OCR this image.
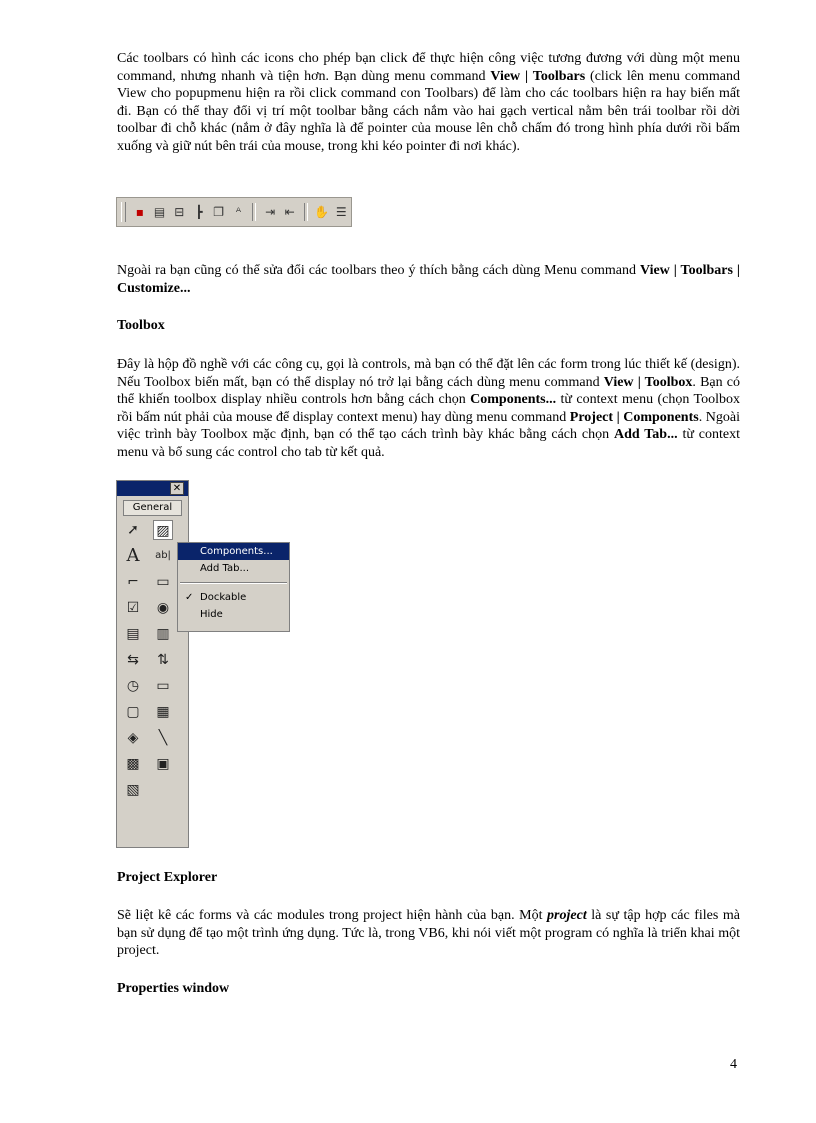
Các toolbars có hình các icons cho phép bạn click để thực hiện công việc tương đương với dùng một menu command, nhưng nhanh và tiện hơn. Bạn dùng menu command View | Toolbars (click lên menu command View cho popupmenu hiện ra rồi click command con Toolbars) để làm cho các toolbars hiện ra hay biến mất đi. Bạn có thể thay đổi vị trí một toolbar bằng cách nắm vào hai gạch vertical nằm bên trái toolbar rồi dời toolbar đi chỗ khác (nắm ở đây nghĩa là để pointer của mouse lên chỗ chấm đó trong hình phía dưới rồi bấm xuống và giữ nút bên trái của mouse, trong khi kéo pointer đi nơi khác).

▪ ▤ ⊟ ┣ ❐ ᴬ	⇥ ⇤ ✋ ☰

Ngoài ra bạn cũng có thể sửa đổi các toolbars theo ý thích bằng cách dùng Menu command View | Toolbars | Customize...

Toolbox

Đây là hộp đồ nghề với các công cụ, gọi là controls, mà bạn có thể đặt lên các form trong lúc thiết kế (design). Nếu Toolbox biến mất, bạn có thể display nó trở lại bằng cách dùng menu command View | Toolbox. Bạn có thể khiến toolbox display nhiều controls hơn bằng cách chọn Components... từ context menu (chọn Toolbox rồi bấm nút phải của mouse để display context menu) hay dùng menu command Project | Components. Ngoài việc trình bày Toolbox mặc định, bạn có thể tạo cách trình bày khác bằng cách chọn Add Tab... từ context menu và bổ sung các control cho tab từ kết quả.

✕
General
➚ ▨
A	ab|
⌐ ▭
☑ ◉
▤ ▥
⇆ ⇅
◷ ▭
▢ ▦
◈	╲
▩ ▣
▧
Components...
Add Tab...
✓ Dockable
Hide

Project Explorer

Sẽ liệt kê các forms và các modules trong project hiện hành của bạn. Một project là sự tập hợp các files mà bạn sử dụng để tạo một trình ứng dụng. Tức là, trong VB6, khi nói viết một program có nghĩa là triển khai một project.

Properties window

4
